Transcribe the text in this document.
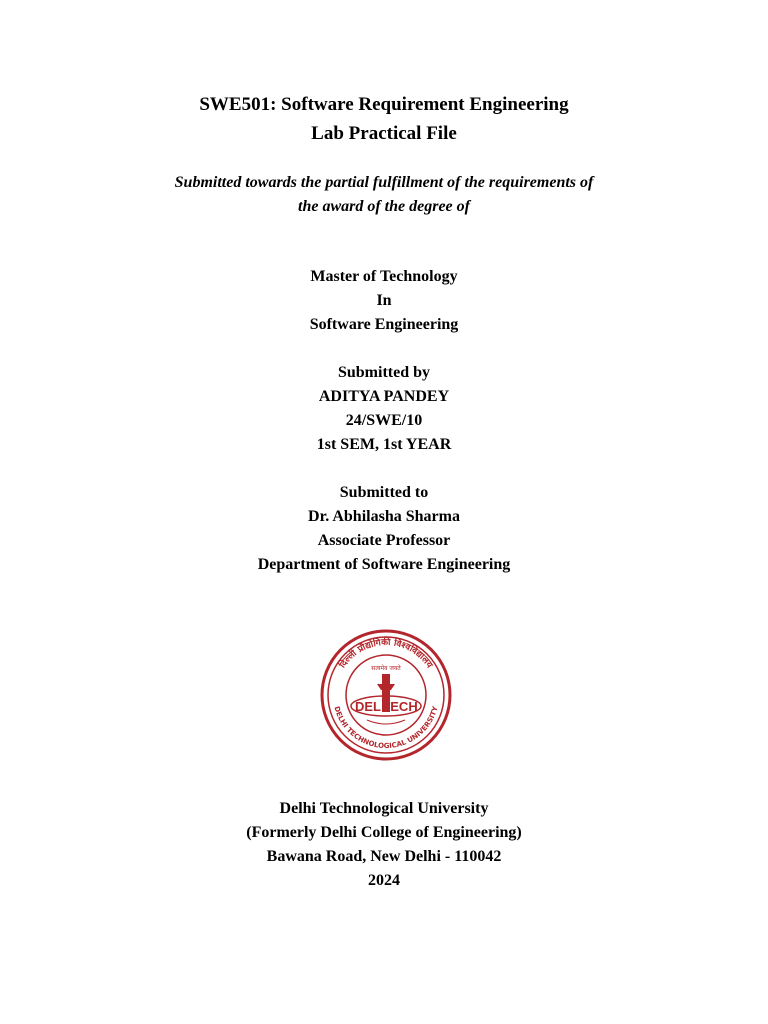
SWE501: Software Requirement Engineering
Lab Practical File
Submitted towards the partial fulfillment of the requirements of
the award of the degree of
Master of Technology
In
Software Engineering
Submitted by
ADITYA PANDEY
24/SWE/10
1st SEM, 1st YEAR
Submitted to
Dr. Abhilasha Sharma
Associate Professor
Department of Software Engineering
दिल्ली प्रौद्योगिकी विश्वविद्यालय
DELHI TECHNOLOGICAL UNIVERSITY
सत्यमेव जयते
DEL ECH
Delhi Technological University
(Formerly Delhi College of Engineering)
Bawana Road, New Delhi - 110042
2024
